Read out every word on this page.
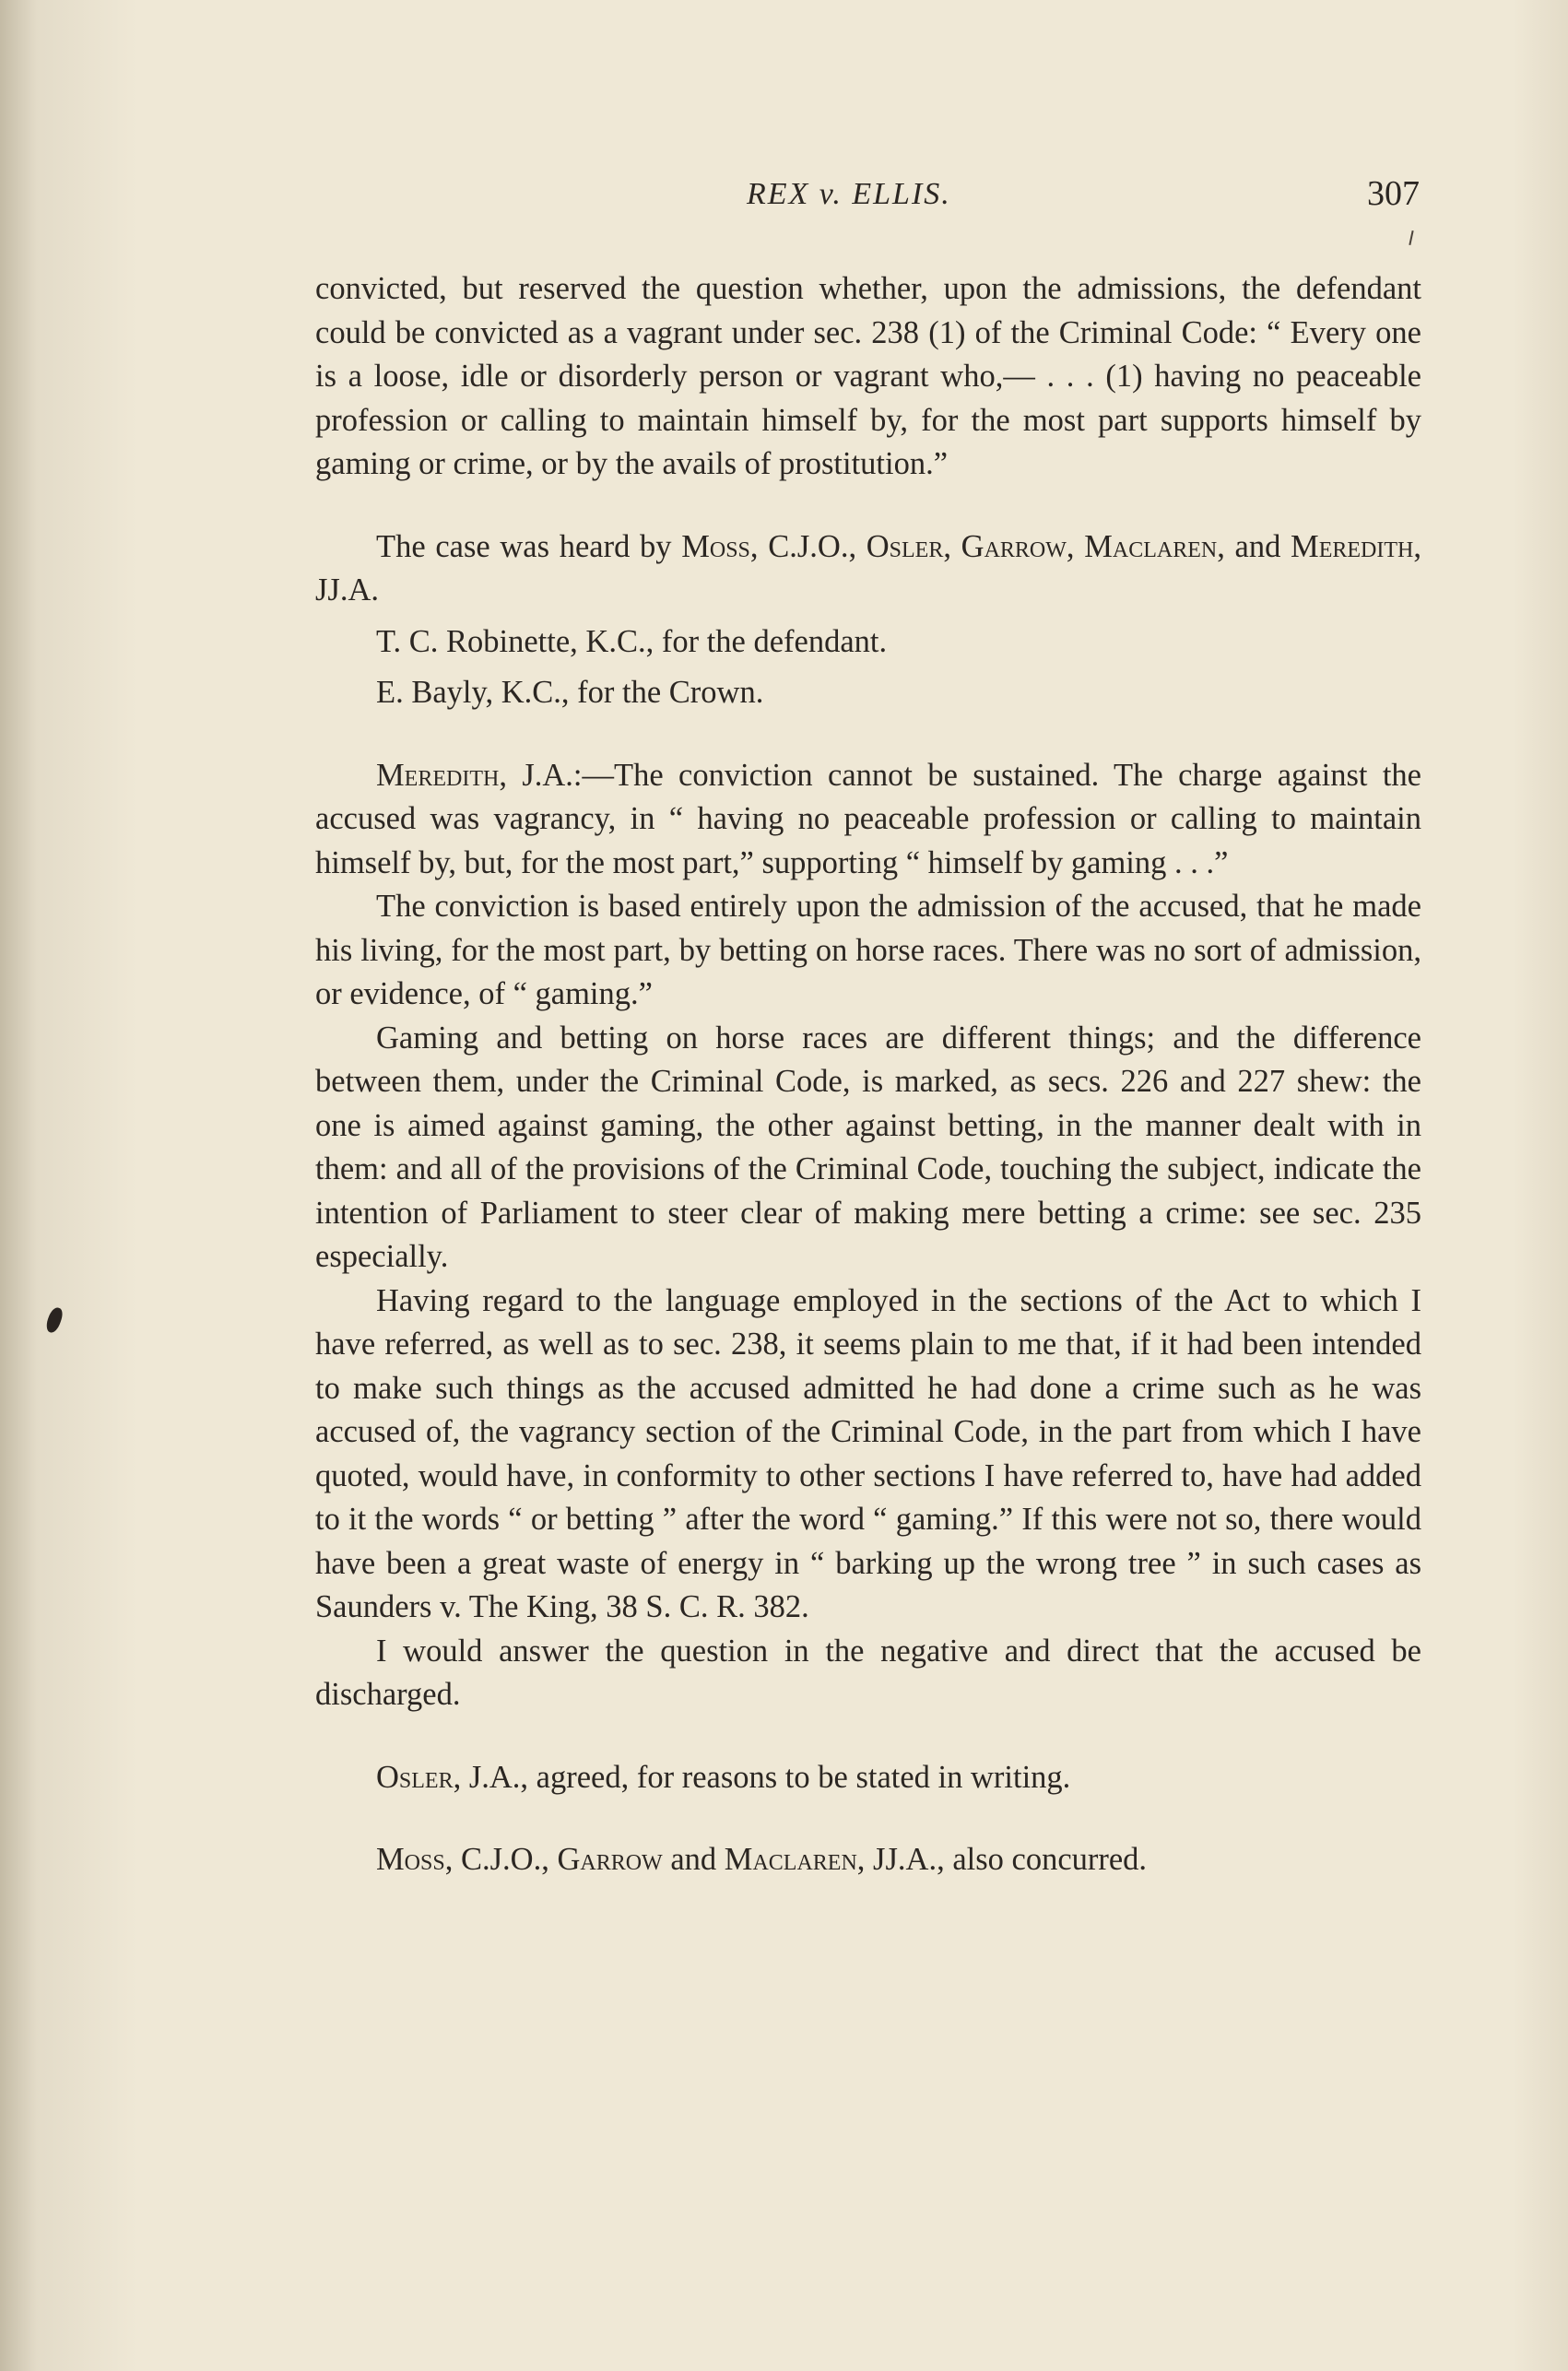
REX v. ELLIS.	307

convicted, but reserved the question whether, upon the admissions, the defendant could be convicted as a vagrant under sec. 238 (1) of the Criminal Code: “ Every one is a loose, idle or disorderly person or vagrant who,— . . . (1) having no peaceable profession or calling to maintain himself by, for the most part supports himself by gaming or crime, or by the avails of prostitution.”

The case was heard by Moss, C.J.O., Osler, Garrow, Maclaren, and Meredith, JJ.A.

T. C. Robinette, K.C., for the defendant.

E. Bayly, K.C., for the Crown.

Meredith, J.A.:—The conviction cannot be sustained. The charge against the accused was vagrancy, in “ having no peaceable profession or calling to maintain himself by, but, for the most part,” supporting “ himself by gaming . . .”

The conviction is based entirely upon the admission of the accused, that he made his living, for the most part, by betting on horse races. There was no sort of admission, or evidence, of “ gaming.”

Gaming and betting on horse races are different things; and the difference between them, under the Criminal Code, is marked, as secs. 226 and 227 shew: the one is aimed against gaming, the other against betting, in the manner dealt with in them: and all of the provisions of the Criminal Code, touching the subject, indicate the intention of Parliament to steer clear of making mere betting a crime: see sec. 235 especially.

Having regard to the language employed in the sections of the Act to which I have referred, as well as to sec. 238, it seems plain to me that, if it had been intended to make such things as the accused admitted he had done a crime such as he was accused of, the vagrancy section of the Criminal Code, in the part from which I have quoted, would have, in conformity to other sections I have referred to, have had added to it the words “ or betting ” after the word “ gaming.” If this were not so, there would have been a great waste of energy in “ barking up the wrong tree ” in such cases as Saunders v. The King, 38 S. C. R. 382.

I would answer the question in the negative and direct that the accused be discharged.

Osler, J.A., agreed, for reasons to be stated in writing.

Moss, C.J.O., Garrow and Maclaren, JJ.A., also concurred.
